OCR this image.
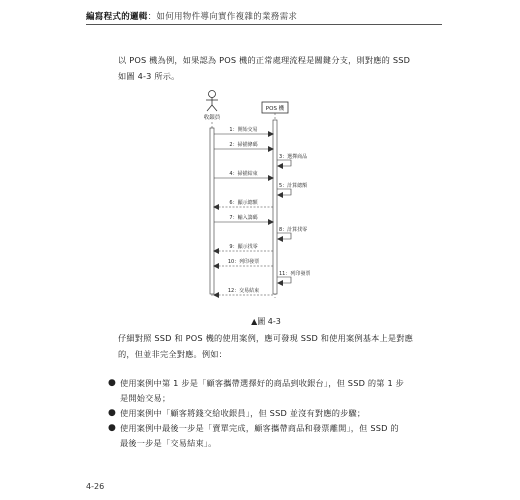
編寫程式的邏輯：如何用物件導向實作複雜的業務需求
以 POS 機為例，如果認為 POS 機的正常處理流程是關鍵分支，則對應的 SSD
如圖 4-3 所示。
收銀員
POS 機
1：開始交易
2：掃描條碼
3：選擇商品
4：掃描結束
5：計算總額
6：顯示總額
7：輸入籌碼
8：計算找零
9：顯示找零
10：列印發票
11：列印發票
12：交易結束
▲圖 4-3
仔細對照 SSD 和 POS 機的使用案例，應可發現 SSD 和使用案例基本上是對應
的，但並非完全對應。例如：
● 使用案例中第 1 步是「顧客攜帶選擇好的商品到收銀台」，但 SSD 的第 1 步
是開始交易；
● 使用案例中「顧客將錢交給收銀員」，但 SSD 並沒有對應的步驟；
● 使用案例中最後一步是「賣單完成，顧客攜帶商品和發票離開」，但 SSD 的
最後一步是「交易結束」。
4-26
